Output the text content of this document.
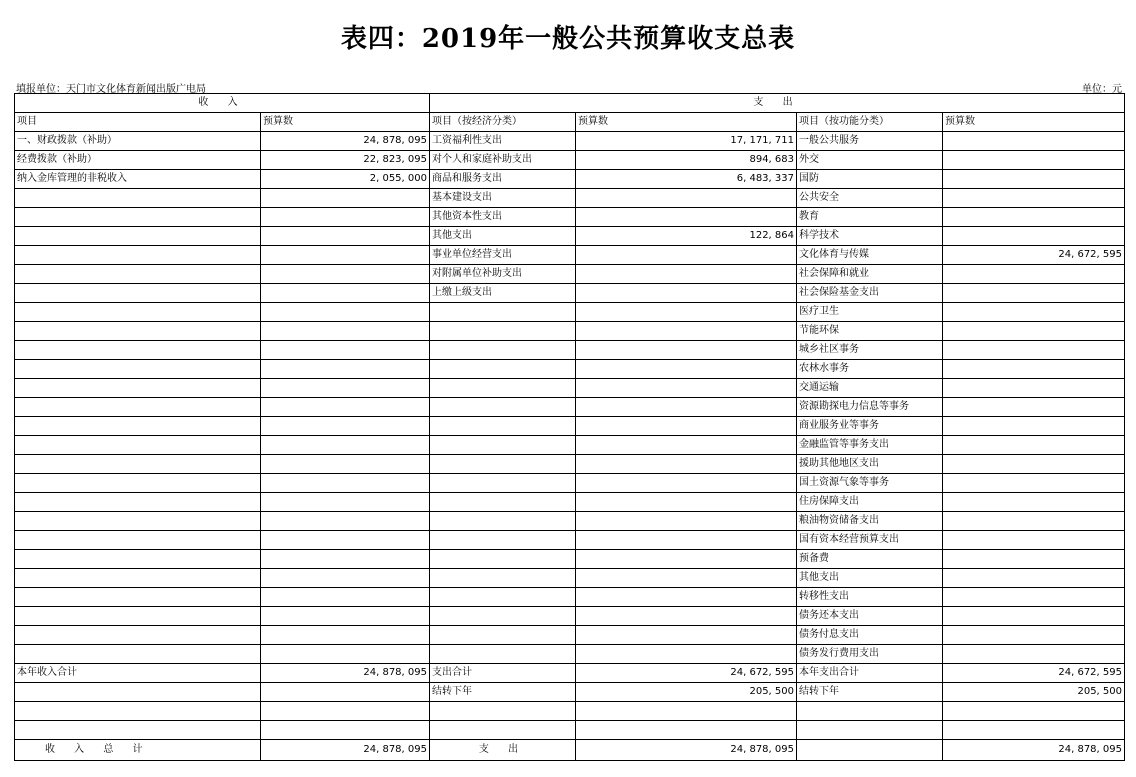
表四：2019年一般公共预算收支总表
填报单位：天门市文化体育新闻出版广电局	单位：元
收 入		支 出			
项目	预算数	项目（按经济分类）	预算数	项目（按功能分类）	预算数
一、财政拨款（补助）	24, 878, 095	工资福利性支出	17, 171, 711	一般公共服务	
经费拨款（补助）	22, 823, 095	对个人和家庭补助支出	894, 683	外交	
纳入金库管理的非税收入	2, 055, 000	商品和服务支出	6, 483, 337	国防	
		基本建设支出		公共安全	
		其他资本性支出		教育	
		其他支出	122, 864	科学技术	
		事业单位经营支出		文化体育与传媒	24, 672, 595
		对附属单位补助支出		社会保障和就业	
		上缴上级支出		社会保险基金支出	
				医疗卫生	
				节能环保	
				城乡社区事务	
				农林水事务	
				交通运输	
				资源勘探电力信息等事务	
				商业服务业等事务	
				金融监管等事务支出	
				援助其他地区支出	
				国土资源气象等事务	
				住房保障支出	
				粮油物资储备支出	
				国有资本经营预算支出	
				预备费	
				其他支出	
				转移性支出	
				债务还本支出	
				债务付息支出	
				债务发行费用支出	
本年收入合计	24, 878, 095	支出合计	24, 672, 595	本年支出合计	24, 672, 595
		结转下年	205, 500	结转下年	205, 500

收 入 总 计	24, 878, 095	支 出	24, 878, 095		24, 878, 095
